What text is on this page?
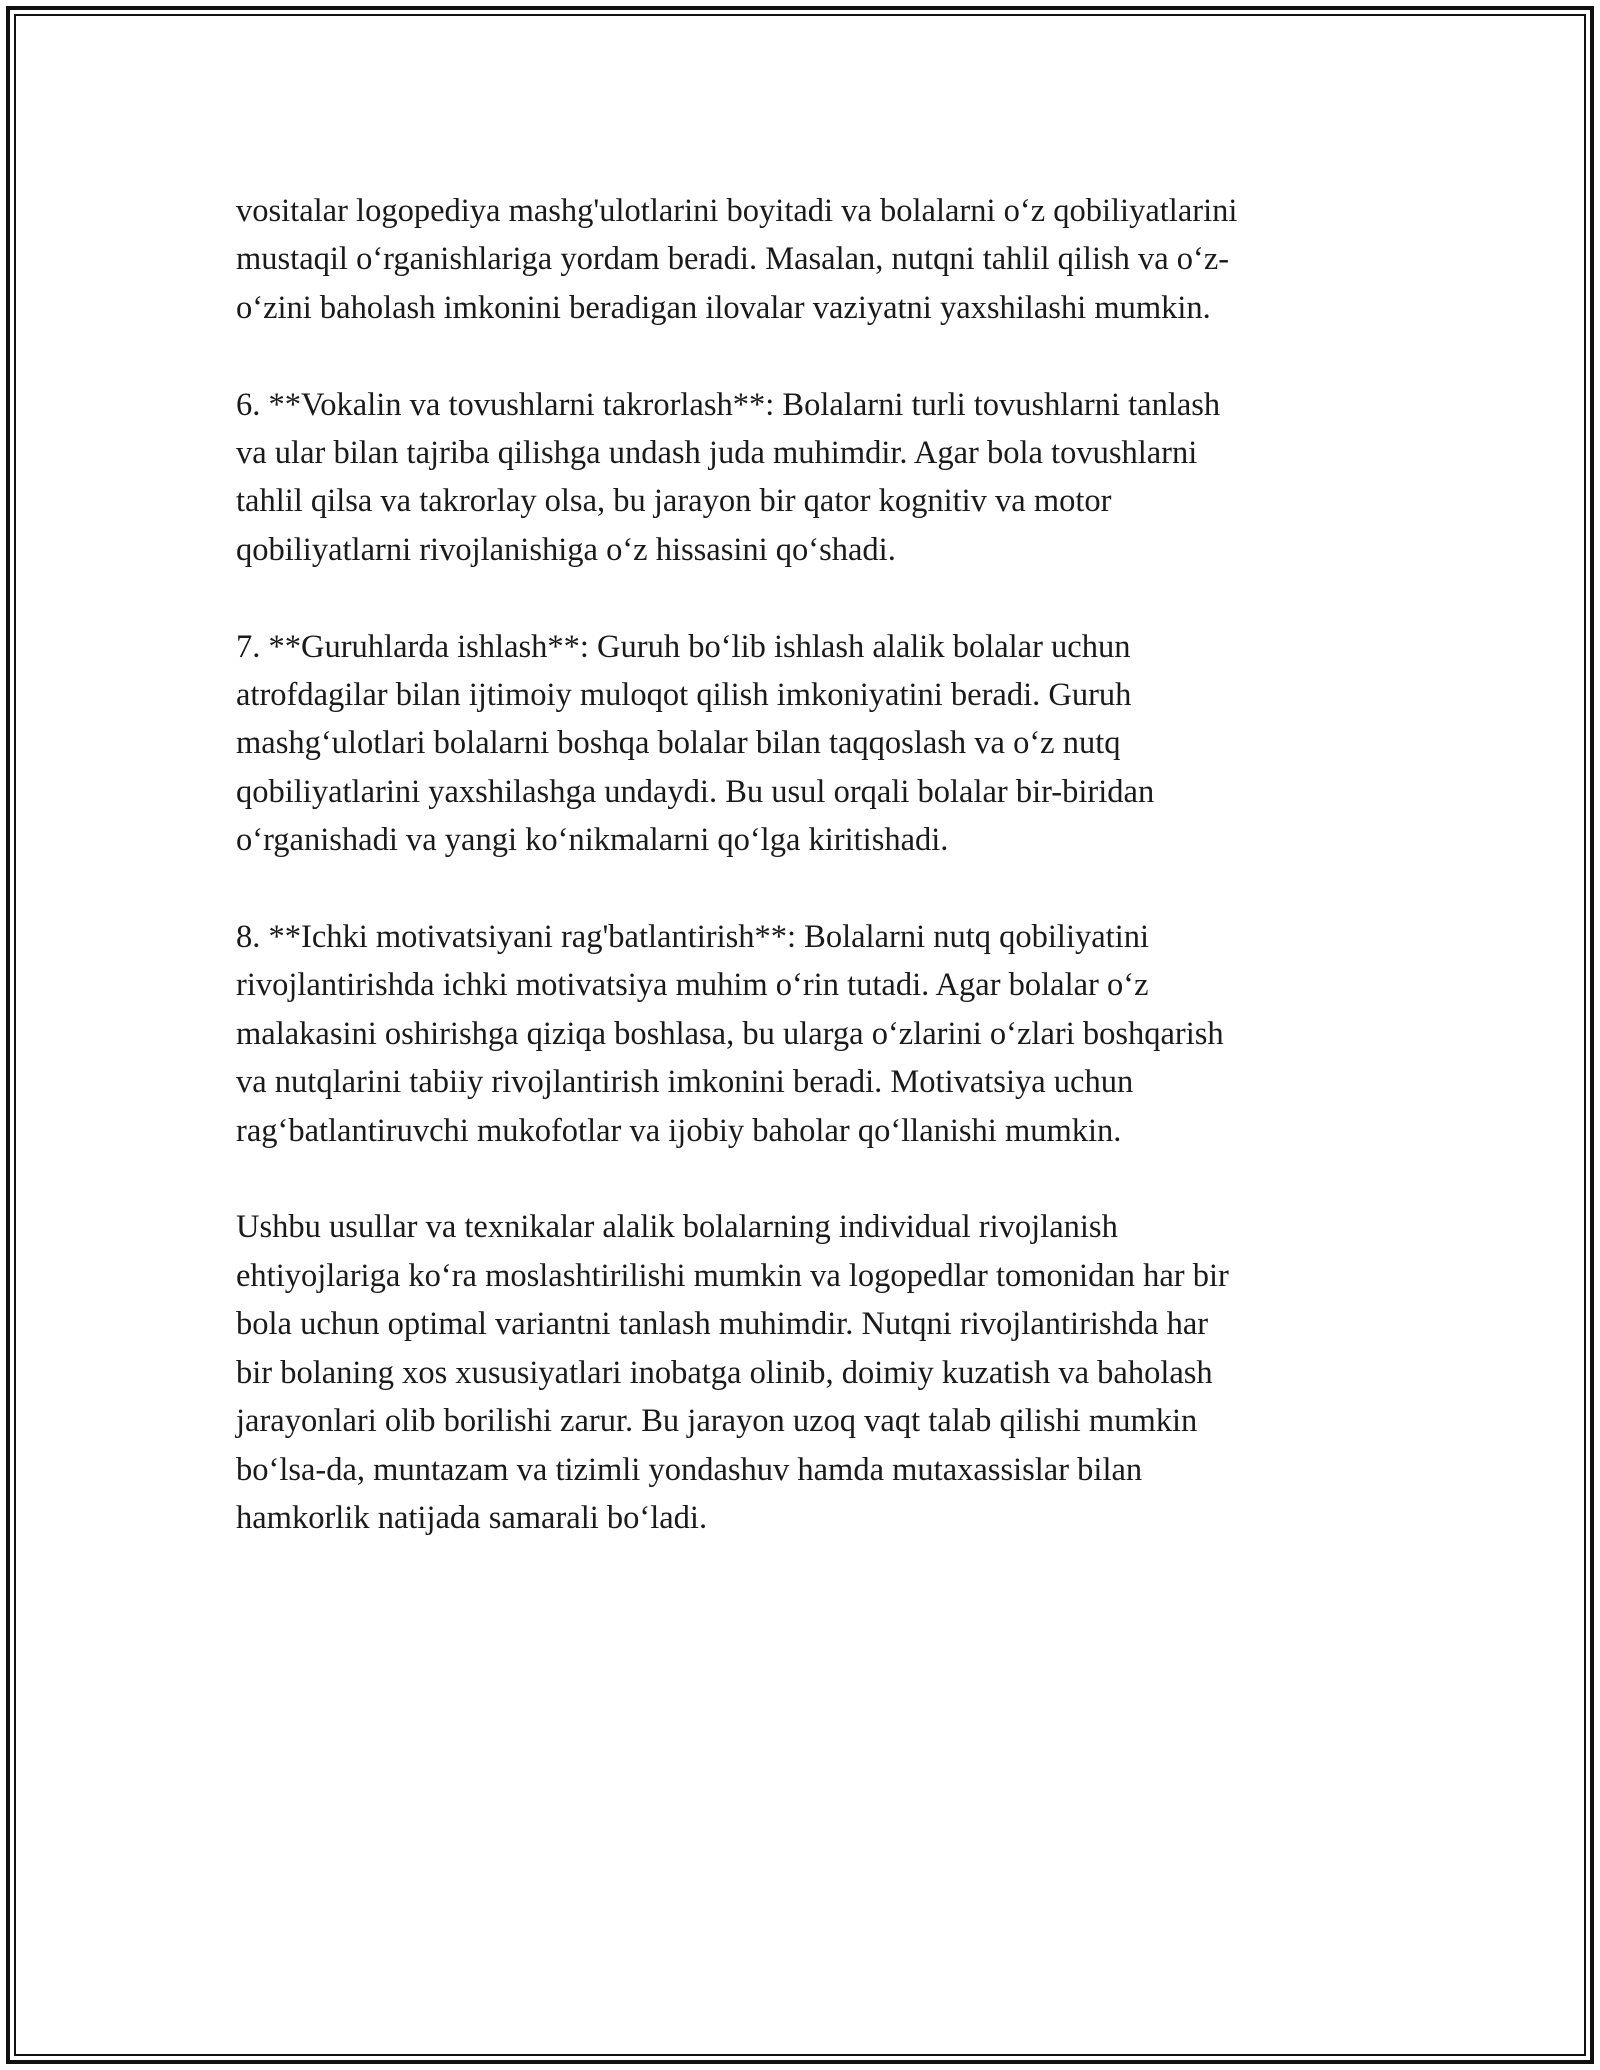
vositalar logopediya mashg'ulotlarini boyitadi va bolalarni o‘z qobiliyatlarini
mustaqil o‘rganishlariga yordam beradi. Masalan, nutqni tahlil qilish va o‘z-
o‘zini baholash imkonini beradigan ilovalar vaziyatni yaxshilashi mumkin.

6. **Vokalin va tovushlarni takrorlash**: Bolalarni turli tovushlarni tanlash
va ular bilan tajriba qilishga undash juda muhimdir. Agar bola tovushlarni
tahlil qilsa va takrorlay olsa, bu jarayon bir qator kognitiv va motor
qobiliyatlarni rivojlanishiga o‘z hissasini qo‘shadi.

7. **Guruhlarda ishlash**: Guruh bo‘lib ishlash alalik bolalar uchun
atrofdagilar bilan ijtimoiy muloqot qilish imkoniyatini beradi. Guruh
mashg‘ulotlari bolalarni boshqa bolalar bilan taqqoslash va o‘z nutq
qobiliyatlarini yaxshilashga undaydi. Bu usul orqali bolalar bir-biridan
o‘rganishadi va yangi ko‘nikmalarni qo‘lga kiritishadi.

8. **Ichki motivatsiyani rag'batlantirish**: Bolalarni nutq qobiliyatini
rivojlantirishda ichki motivatsiya muhim o‘rin tutadi. Agar bolalar o‘z
malakasini oshirishga qiziqa boshlasa, bu ularga o‘zlarini o‘zlari boshqarish
va nutqlarini tabiiy rivojlantirish imkonini beradi. Motivatsiya uchun
rag‘batlantiruvchi mukofotlar va ijobiy baholar qo‘llanishi mumkin.

Ushbu usullar va texnikalar alalik bolalarning individual rivojlanish
ehtiyojlariga ko‘ra moslashtirilishi mumkin va logopedlar tomonidan har bir
bola uchun optimal variantni tanlash muhimdir. Nutqni rivojlantirishda har
bir bolaning xos xususiyatlari inobatga olinib, doimiy kuzatish va baholash
jarayonlari olib borilishi zarur. Bu jarayon uzoq vaqt talab qilishi mumkin
bo‘lsa-da, muntazam va tizimli yondashuv hamda mutaxassislar bilan
hamkorlik natijada samarali bo‘ladi.
